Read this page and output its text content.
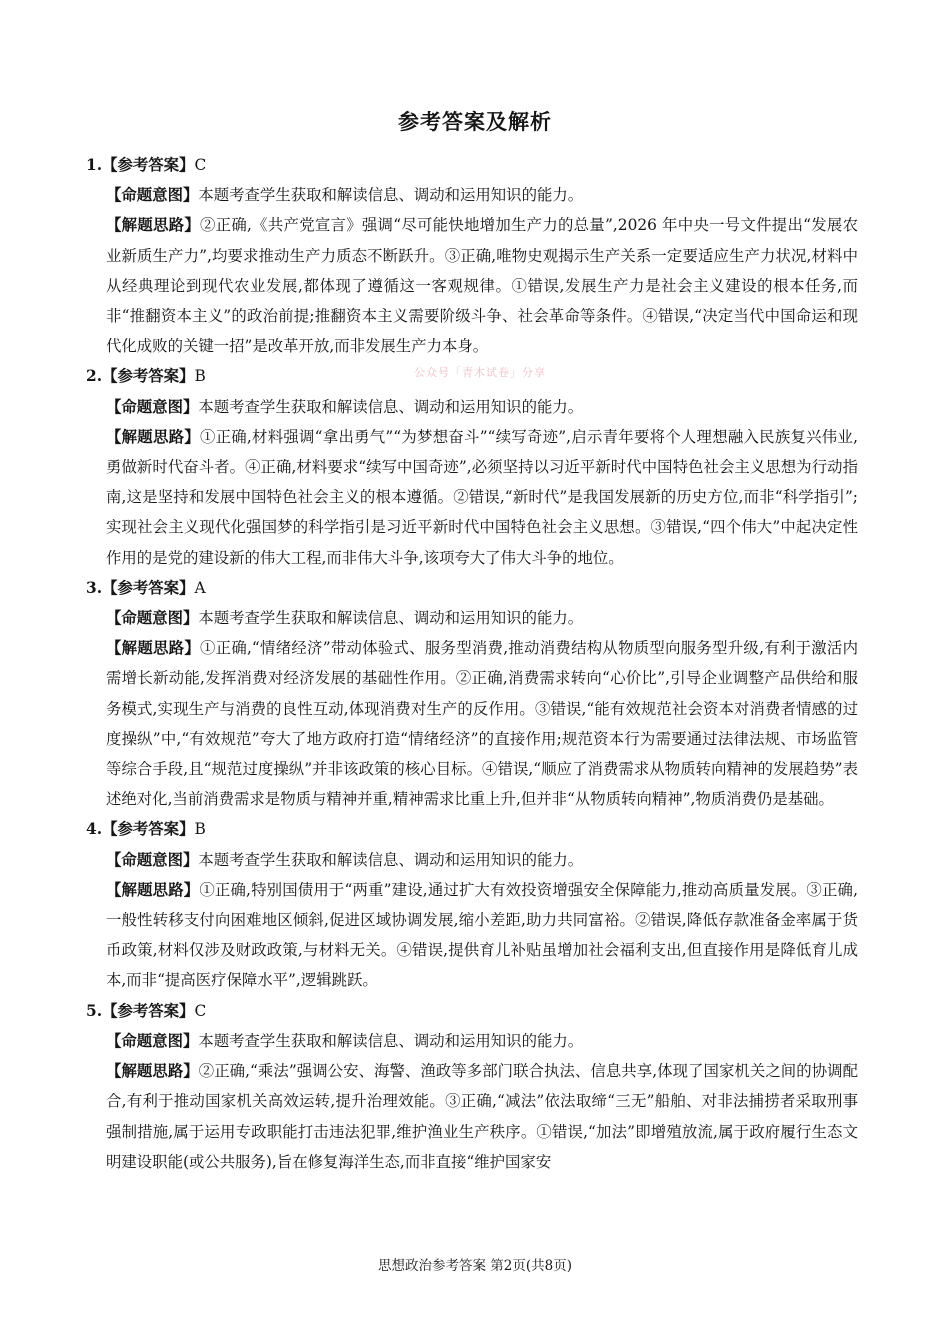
参考答案及解析
公众号「青木试卷」分享
1.【参考答案】C

【命题意图】本题考查学生获取和解读信息、调动和运用知识的能力。

【解题思路】②正确,《共产党宣言》强调“尽可能快地增加生产力的总量”,2026 年中央一号文件提出“发展农业新质生产力”,均要求推动生产力质态不断跃升。③正确,唯物史观揭示生产关系一定要适应生产力状况,材料中从经典理论到现代农业发展,都体现了遵循这一客观规律。①错误,发展生产力是社会主义建设的根本任务,而非“推翻资本主义”的政治前提;推翻资本主义需要阶级斗争、社会革命等条件。④错误,“决定当代中国命运和现代化成败的关键一招”是改革开放,而非发展生产力本身。

2.【参考答案】B

【命题意图】本题考查学生获取和解读信息、调动和运用知识的能力。

【解题思路】①正确,材料强调“拿出勇气”“为梦想奋斗”“续写奇迹”,启示青年要将个人理想融入民族复兴伟业,勇做新时代奋斗者。④正确,材料要求“续写中国奇迹”,必须坚持以习近平新时代中国特色社会主义思想为行动指南,这是坚持和发展中国特色社会主义的根本遵循。②错误,“新时代”是我国发展新的历史方位,而非“科学指引”;实现社会主义现代化强国梦的科学指引是习近平新时代中国特色社会主义思想。③错误,“四个伟大”中起决定性作用的是党的建设新的伟大工程,而非伟大斗争,该项夸大了伟大斗争的地位。

3.【参考答案】A

【命题意图】本题考查学生获取和解读信息、调动和运用知识的能力。

【解题思路】①正确,“情绪经济”带动体验式、服务型消费,推动消费结构从物质型向服务型升级,有利于激活内需增长新动能,发挥消费对经济发展的基础性作用。②正确,消费需求转向“心价比”,引导企业调整产品供给和服务模式,实现生产与消费的良性互动,体现消费对生产的反作用。③错误,“能有效规范社会资本对消费者情感的过度操纵”中,“有效规范”夸大了地方政府打造“情绪经济”的直接作用;规范资本行为需要通过法律法规、市场监管等综合手段,且“规范过度操纵”并非该政策的核心目标。④错误,“顺应了消费需求从物质转向精神的发展趋势”表述绝对化,当前消费需求是物质与精神并重,精神需求比重上升,但并非“从物质转向精神”,物质消费仍是基础。

4.【参考答案】B

【命题意图】本题考查学生获取和解读信息、调动和运用知识的能力。

【解题思路】①正确,特别国债用于“两重”建设,通过扩大有效投资增强安全保障能力,推动高质量发展。③正确,一般性转移支付向困难地区倾斜,促进区域协调发展,缩小差距,助力共同富裕。②错误,降低存款准备金率属于货币政策,材料仅涉及财政政策,与材料无关。④错误,提供育儿补贴虽增加社会福利支出,但直接作用是降低育儿成本,而非“提高医疗保障水平”,逻辑跳跃。

5.【参考答案】C

【命题意图】本题考查学生获取和解读信息、调动和运用知识的能力。

【解题思路】②正确,“乘法”强调公安、海警、渔政等多部门联合执法、信息共享,体现了国家机关之间的协调配合,有利于推动国家机关高效运转,提升治理效能。③正确,“减法”依法取缔“三无”船舶、对非法捕捞者采取刑事强制措施,属于运用专政职能打击违法犯罪,维护渔业生产秩序。①错误,“加法”即增殖放流,属于政府履行生态文明建设职能(或公共服务),旨在修复海洋生态,而非直接“维护国家安

思想政治参考答案 第2页(共8页)
